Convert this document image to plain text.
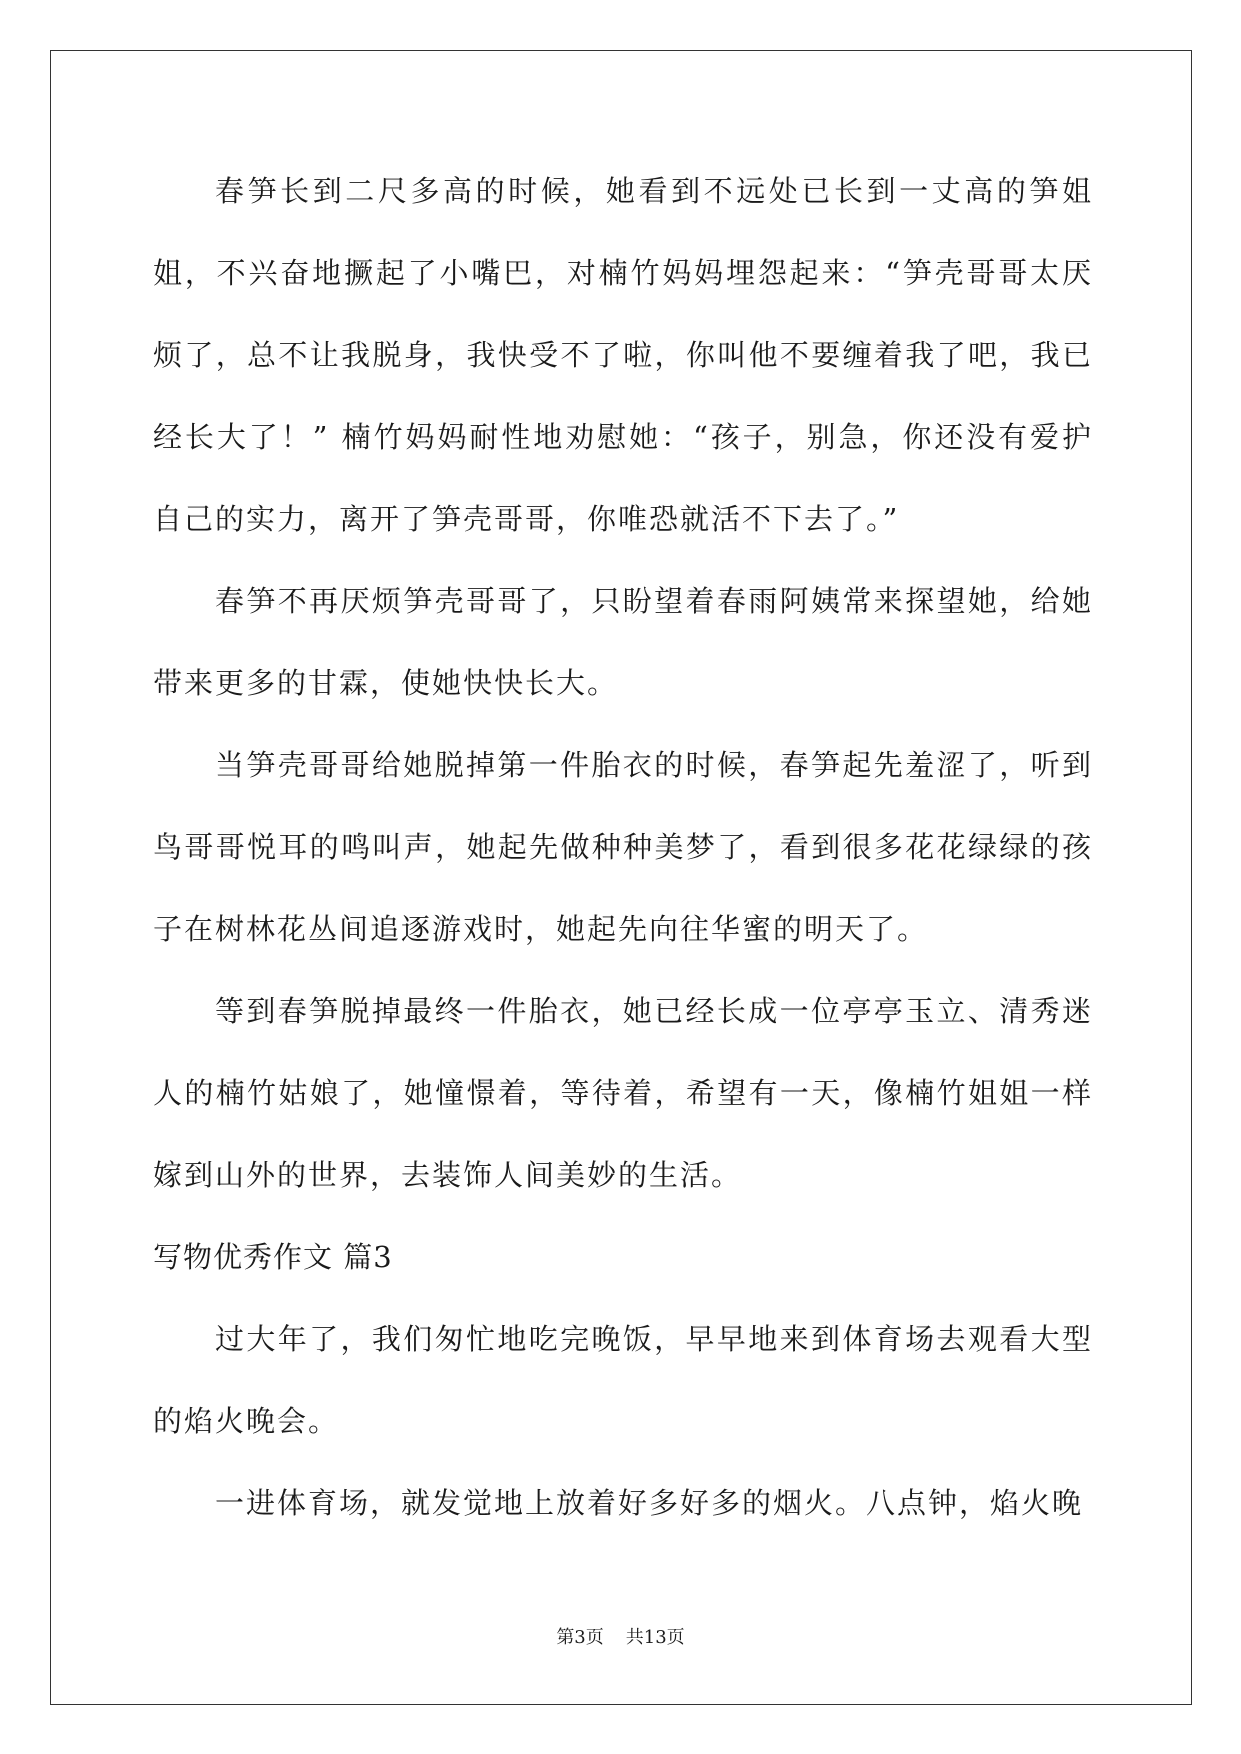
春笋长到二尺多高的时候，她看到不远处已长到一丈高的笋姐姐，不兴奋地撅起了小嘴巴，对楠竹妈妈埋怨起来：“笋壳哥哥太厌烦了，总不让我脱身，我快受不了啦，你叫他不要缠着我了吧，我已经长大了！” 楠竹妈妈耐性地劝慰她：“孩子，别急，你还没有爱护自己的实力，离开了笋壳哥哥，你唯恐就活不下去了。”

春笋不再厌烦笋壳哥哥了，只盼望着春雨阿姨常来探望她，给她带来更多的甘霖，使她快快长大。

当笋壳哥哥给她脱掉第一件胎衣的时候，春笋起先羞涩了，听到鸟哥哥悦耳的鸣叫声，她起先做种种美梦了，看到很多花花绿绿的孩子在树林花丛间追逐游戏时，她起先向往华蜜的明天了。

等到春笋脱掉最终一件胎衣，她已经长成一位亭亭玉立、清秀迷人的楠竹姑娘了，她憧憬着，等待着，希望有一天，像楠竹姐姐一样嫁到山外的世界，去装饰人间美妙的生活。

写物优秀作文 篇3

过大年了，我们匆忙地吃完晚饭，早早地来到体育场去观看大型的焰火晚会。

一进体育场，就发觉地上放着好多好多的烟火。八点钟，焰火晚

第3页 共13页
